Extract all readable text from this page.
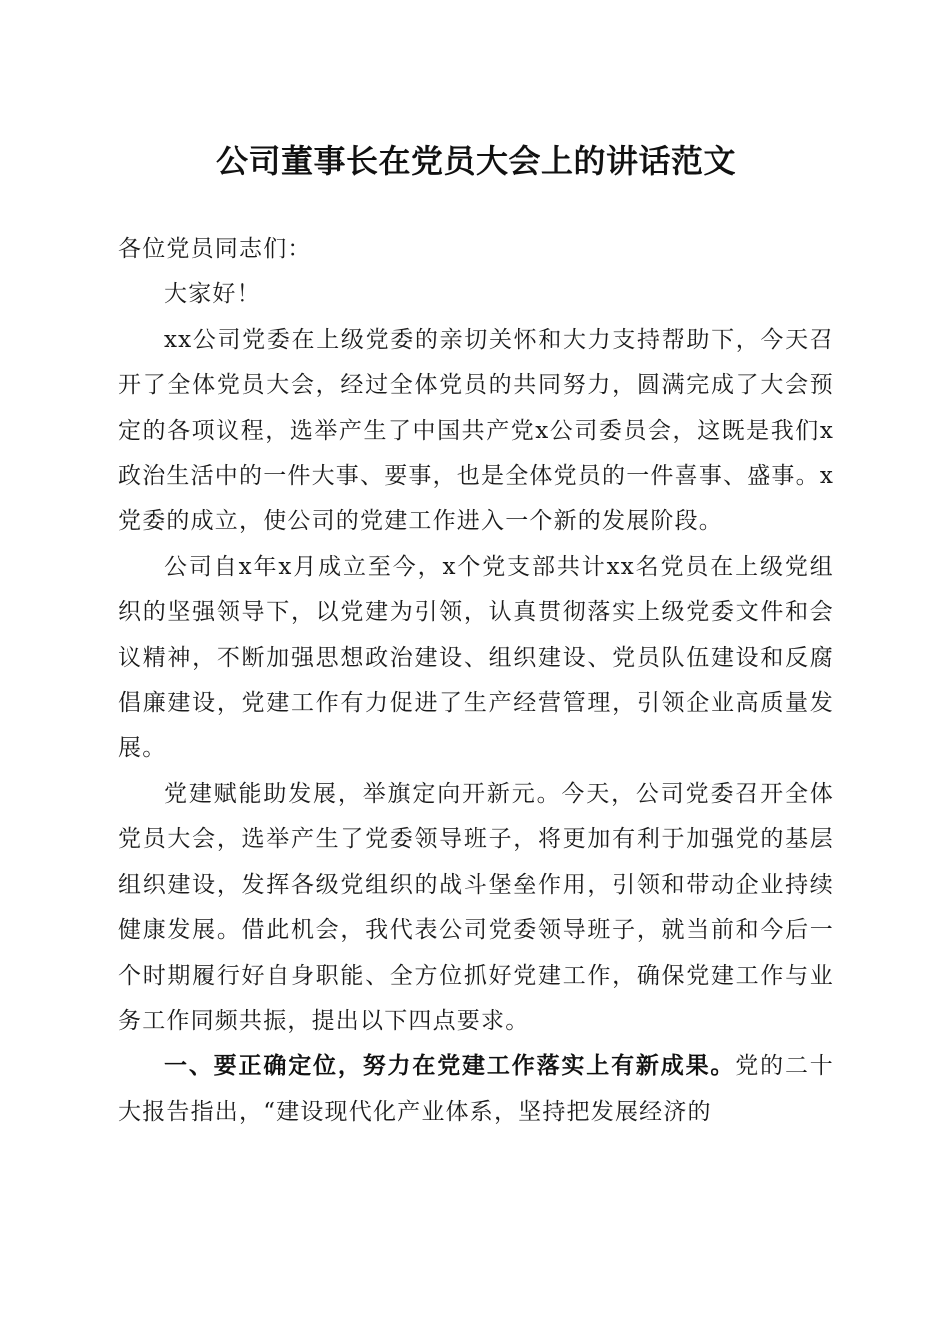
公司董事长在党员大会上的讲话范文

各位党员同志们：

大家好！

xx公司党委在上级党委的亲切关怀和大力支持帮助下，今天召开了全体党员大会，经过全体党员的共同努力，圆满完成了大会预定的各项议程，选举产生了中国共产党x公司委员会，这既是我们x政治生活中的一件大事、要事，也是全体党员的一件喜事、盛事。x党委的成立，使公司的党建工作进入一个新的发展阶段。

公司自x年x月成立至今，x个党支部共计xx名党员在上级党组织的坚强领导下，以党建为引领，认真贯彻落实上级党委文件和会议精神，不断加强思想政治建设、组织建设、党员队伍建设和反腐倡廉建设，党建工作有力促进了生产经营管理，引领企业高质量发展。

党建赋能助发展，举旗定向开新元。今天，公司党委召开全体党员大会，选举产生了党委领导班子，将更加有利于加强党的基层组织建设，发挥各级党组织的战斗堡垒作用，引领和带动企业持续健康发展。借此机会，我代表公司党委领导班子，就当前和今后一个时期履行好自身职能、全方位抓好党建工作，确保党建工作与业务工作同频共振，提出以下四点要求。

一、要正确定位，努力在党建工作落实上有新成果。党的二十大报告指出，“建设现代化产业体系，坚持把发展经济的
